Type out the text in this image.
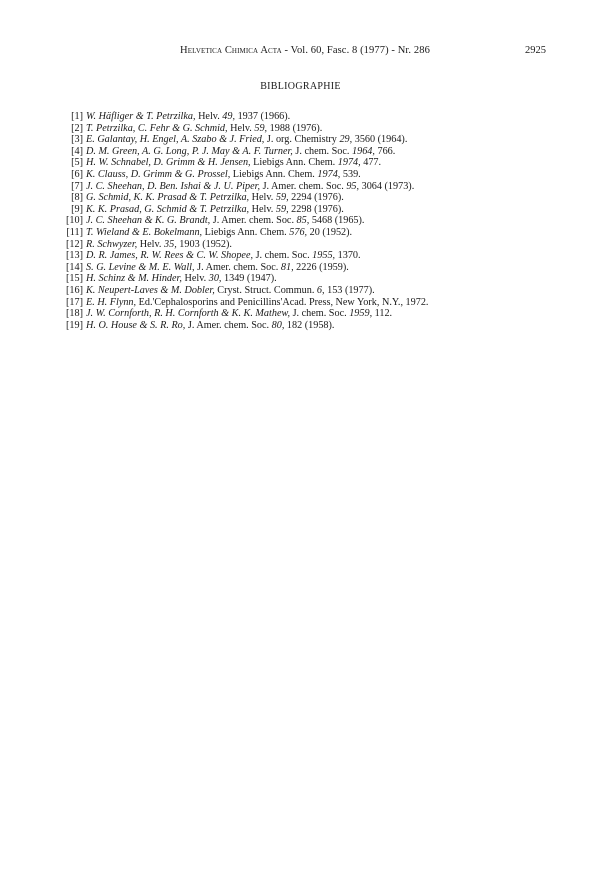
Helvetica Chimica Acta - Vol. 60, Fasc. 8 (1977) - Nr. 286	2925
BIBLIOGRAPHIE
[1] W. Häfliger & T. Petrzilka, Helv. 49, 1937 (1966).
[2] T. Petrzilka, C. Fehr & G. Schmid, Helv. 59, 1988 (1976).
[3] E. Galantay, H. Engel, A. Szabo & J. Fried, J. org. Chemistry 29, 3560 (1964).
[4] D. M. Green, A. G. Long, P. J. May & A. F. Turner, J. chem. Soc. 1964, 766.
[5] H. W. Schnabel, D. Grimm & H. Jensen, Liebigs Ann. Chem. 1974, 477.
[6] K. Clauss, D. Grimm & G. Prossel, Liebigs Ann. Chem. 1974, 539.
[7] J. C. Sheehan, D. Ben. Ishai & J. U. Piper, J. Amer. chem. Soc. 95, 3064 (1973).
[8] G. Schmid, K. K. Prasad & T. Petrzilka, Helv. 59, 2294 (1976).
[9] K. K. Prasad, G. Schmid & T. Petrzilka, Helv. 59, 2298 (1976).
[10] J. C. Sheehan & K. G. Brandt, J. Amer. chem. Soc. 85, 5468 (1965).
[11] T. Wieland & E. Bokelmann, Liebigs Ann. Chem. 576, 20 (1952).
[12] R. Schwyzer, Helv. 35, 1903 (1952).
[13] D. R. James, R. W. Rees & C. W. Shopee, J. chem. Soc. 1955, 1370.
[14] S. G. Levine & M. E. Wall, J. Amer. chem. Soc. 81, 2226 (1959).
[15] H. Schinz & M. Hinder, Helv. 30, 1349 (1947).
[16] K. Neupert-Laves & M. Dobler, Cryst. Struct. Commun. 6, 153 (1977).
[17] E. H. Flynn, Ed.'Cephalosporins and Penicillins'Acad. Press, New York, N.Y., 1972.
[18] J. W. Cornforth, R. H. Cornforth & K. K. Mathew, J. chem. Soc. 1959, 112.
[19] H. O. House & S. R. Ro, J. Amer. chem. Soc. 80, 182 (1958).
